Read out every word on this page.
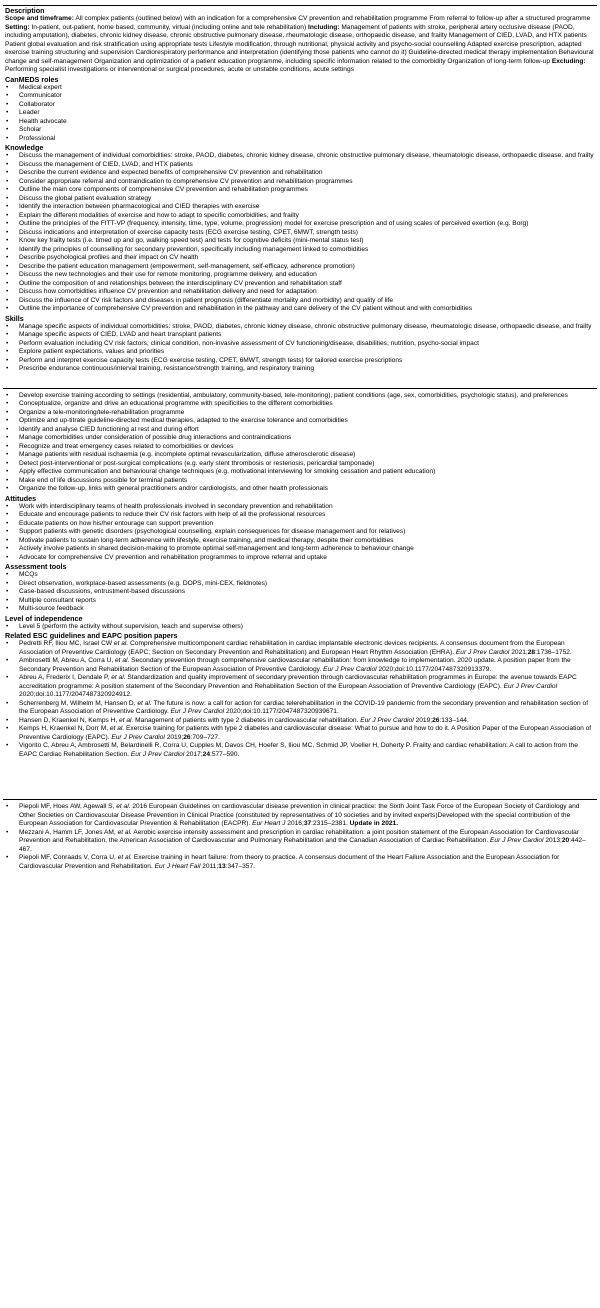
Description

Scope and timeframe: All complex patients (outlined below) with an indication for a comprehensive CV prevention and rehabilitation programme From referral to follow-up after a structured programme Setting: In-patient, out-patient, home based, community, virtual (including online and tele rehabilitation) Including: Management of patients with stroke, peripheral artery occlusive disease (PAOD, including amputation), diabetes, chronic kidney disease, chronic obstructive pulmonary disease, rheumatologic disease, orthopaedic disease, and frailty Management of CIED, LVAD, and HTX patients Patient global evaluation and risk stratification using appropriate tests Lifestyle modification, through nutritional, physical activity and psycho-social counselling Adapted exercise prescription, adapted exercise training structuring and supervision Cardiorespiratory performance and interpretation (identifying those patients who cannot do it) Guideline-directed medical therapy implementation Behavioural change and self-management Organization and optimization of a patient education programme, including specific information related to the comorbidity Organization of long-term follow-up Excluding: Performing specialist investigations or interventional or surgical procedures, acute or unstable conditions, acute settings

CanMEDS roles
• Medical expert
• Communicator
• Collaborator
• Leader
• Health advocate
• Scholar
• Professional
Knowledge
• Discuss the management of individual comorbidities: stroke, PAOD, diabetes, chronic kidney disease, chronic obstructive pulmonary disease, rheumatologic disease, orthopaedic disease, and frailty
• Discuss the management of CIED, LVAD, and HTX patients
• Describe the current evidence and expected benefits of comprehensive CV prevention and rehabilitation
• Consider appropriate referral and contraindication to comprehensive CV prevention and rehabilitation programmes
• Outline the main core components of comprehensive CV prevention and rehabilitation programmes
• Discuss the global patient evaluation strategy
• Identify the interaction between pharmacological and CIED therapies with exercise
• Explain the different modalities of exercise and how to adapt to specific comorbidities, and frailty
• Outline the principles of the FITT-VP (frequency, intensity, time, type, volume, progression) model for exercise prescription and of using scales of perceived exertion (e.g. Borg)
• Discuss indications and interpretation of exercise capacity tests (ECG exercise testing, CPET, 6MWT, strength tests)
• Know key frailty tests (i.e. timed up and go, walking speed test) and tests for cognitive deficits (mini-mental status test)
• Identify the principles of counselling for secondary prevention, specifically including management linked to comorbidities
• Describe psychological profiles and their impact on CV health
• Describe the patient education management (empowerment, self-management, self-efficacy, adherence promotion)
• Discuss the new technologies and their use for remote monitoring, programme delivery, and education
• Outline the composition of and relationships between the interdisciplinary CV prevention and rehabilitation staff
• Discuss how comorbidities influence CV prevention and rehabilitation delivery and need for adaptation
• Discuss the influence of CV risk factors and diseases in patient prognosis (differentiate mortality and morbidity) and quality of life
• Outline the importance of comprehensive CV prevention and rehabilitation in the pathway and care delivery of the CV patient without and with comorbidities
Skills
• Manage specific aspects of individual comorbidities: stroke, PAOD, diabetes, chronic kidney disease, chronic obstructive pulmonary disease, rheumatologic disease, orthopaedic disease, and frailty
• Manage specific aspects of CIED, LVAD and heart transplant patients
• Perform evaluation including CV risk factors, clinical condition, non-invasive assessment of CV functioning/disease, disabilities, nutrition, psycho-social impact
• Explore patient expectations, values and priorities
• Perform and interpret exercise capacity tests (ECG exercise testing, CPET, 6MWT, strength tests) for tailored exercise prescriptions
• Prescribe endurance continuous/interval training, resistance/strength training, and respiratory training
• Develop exercise training according to settings (residential, ambulatory, community-based, tele-monitoring), patient conditions (age, sex, comorbidities, psychologic status), and preferences
• Conceptualize, organize and drive an educational programme with specificities to the different comorbidities
• Organize a tele-monitoring/tele-rehabilitation programme
• Optimize and up-titrate guideline-directed medical therapies, adapted to the exercise tolerance and comorbidities
• Identify and analyse CIED functioning at rest and during effort
• Manage comorbidities under consideration of possible drug interactions and contraindications
• Recognize and treat emergency cases related to comorbidities or devices
• Manage patients with residual ischaemia (e.g. incomplete optimal revascularization, diffuse atherosclerotic disease)
• Detect post-interventional or post-surgical complications (e.g. early stent thrombosis or restenosis, pericardial tamponade)
• Apply effective communication and behavioural change techniques (e.g. motivational interviewing for smoking cessation and patient education)
• Make end of life discussions possible for terminal patients
• Organize the follow-up, links with general practitioners and/or cardiologists, and other health professionals
Attitudes
• Work with interdisciplinary teams of health professionals involved in secondary prevention and rehabilitation
• Educate and encourage patients to reduce their CV risk factors with help of all the professional resources
• Educate patients on how his/her entourage can support prevention
• Support patients with genetic disorders (psychological counselling, explain consequences for disease management and for relatives)
• Motivate patients to sustain long-term adherence with lifestyle, exercise training, and medical therapy, despite their comorbidities
• Actively involve patients in shared decision-making to promote optimal self-management and long-term adherence to behaviour change
• Advocate for comprehensive CV prevention and rehabilitation programmes to improve referral and uptake
Assessment tools
• MCQs
• Direct observation, workplace-based assessments (e.g. DOPS, mini-CEX, fieldnotes)
• Case-based discussions, entrustment-based discussions
• Multiple consultant reports
• Multi-source feedback
Level of independence
• Level 5 (perform the activity without supervision, teach and supervise others)
Related ESC guidelines and EAPC position papers
• Pedretti RF, Iliou MC, Israel CW et al. Comprehensive multicomponent cardiac rehabilitation in cardiac implantable electronic devices recipients. A consensus document from the European Association of Preventive Cardiology (EAPC; Section on Secondary Prevention and Rehabilitation) and European Heart Rhythm Association (EHRA). Eur J Prev Cardiol 2021;28:1736–1752.
• Ambrosetti M, Abreu A, Corra U, et al. Secondary prevention through comprehensive cardiovascular rehabilitation: from knowledge to implementation. 2020 update. A position paper from the Secondary Prevention and Rehabilitation Section of the European Association of Preventive Cardiology. Eur J Prev Cardiol 2020;doi:10.1177/2047487320913379.
• Abreu A, Frederix I, Dendale P, et al. Standardization and quality improvement of secondary prevention through cardiovascular rehabilitation programmes in Europe: the avenue towards EAPC accreditation programme: A position statement of the Secondary Prevention and Rehabilitation Section of the European Association of Preventive Cardiology (EAPC). Eur J Prev Cardiol 2020;doi:10.1177/2047487320924912.
• Scherrenberg M, Wilhelm M, Hansen D, et al. The future is now: a call for action for cardiac telerehabilitation in the COVID-19 pandemic from the secondary prevention and rehabilitation section of the European Association of Preventive Cardiology. Eur J Prev Cardiol 2020;doi:10.1177/2047487320939671.
• Hansen D, Kraenkel N, Kemps H, et al. Management of patients with type 2 diabetes in cardiovascular rehabilitation. Eur J Prev Cardiol 2019;26:133–144.
• Kemps H, Kraenkel N, Dorr M, et al. Exercise training for patients with type 2 diabetes and cardiovascular disease: What to pursue and how to do it. A Position Paper of the European Association of Preventive Cardiology (EAPC). Eur J Prev Cardiol 2019;26:709–727.
• Vigorito C, Abreu A, Ambrosetti M, Belardinelli R, Corra U, Cupples M, Davos CH, Hoefer S, Iliou MC, Schmid JP, Voeller H, Doherty P. Frailty and cardiac rehabilitation: A call to action from the EAPC Cardiac Rehabilitation Section. Eur J Prev Cardiol 2017;24:577–590.
• Piepoli MF, Hoes AW, Agewall S, et al. 2016 European Guidelines on cardiovascular disease prevention in clinical practice: the Sixth Joint Task Force of the European Society of Cardiology and Other Societies on Cardiovascular Disease Prevention in Clinical Practice (constituted by representatives of 10 societies and by invited experts)Developed with the special contribution of the European Association for Cardiovascular Prevention & Rehabilitation (EACPR). Eur Heart J 2016;37:2315–2381. Update in 2021.
• Mezzani A, Hamm LF, Jones AM, et al. Aerobic exercise intensity assessment and prescription in cardiac rehabilitation: a joint position statement of the European Association for Cardiovascular Prevention and Rehabilitation, the American Association of Cardiovascular and Pulmonary Rehabilitation and the Canadian Association of Cardiac Rehabilitation. Eur J Prev Cardiol 2013;20:442–467.
• Piepoli MF, Conraads V, Corra U, et al. Exercise training in heart failure: from theory to practice. A consensus document of the Heart Failure Association and the European Association for Cardiovascular Prevention and Rehabilitation. Eur J Heart Fail 2011;13:347–357.
